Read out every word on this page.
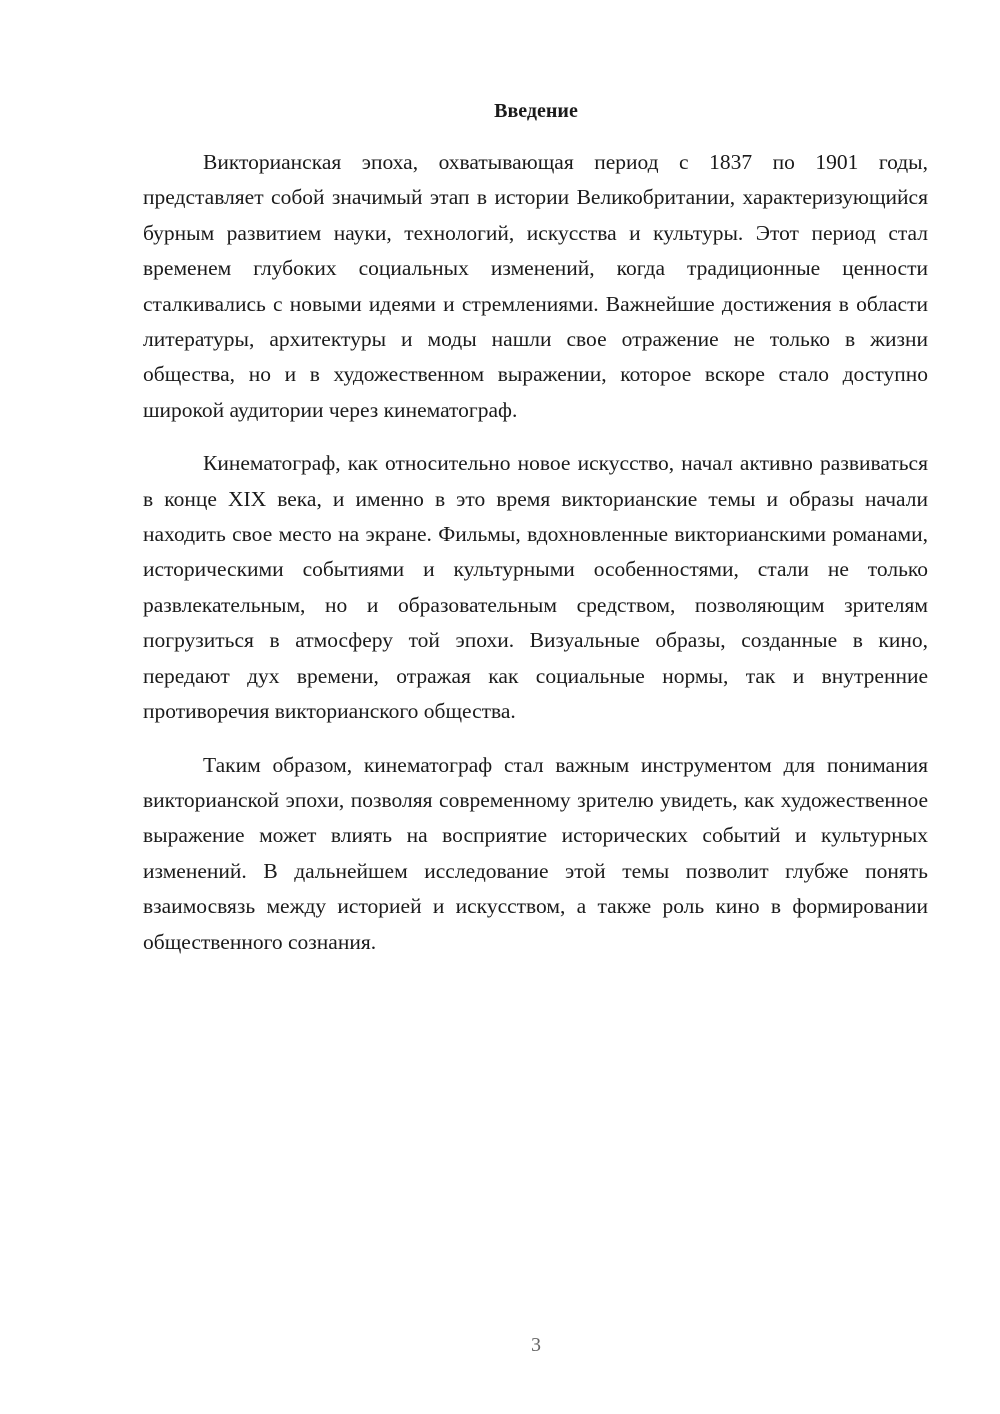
Введение

Викторианская эпоха, охватывающая период с 1837 по 1901 годы, представляет собой значимый этап в истории Великобритании, характеризующийся бурным развитием науки, технологий, искусства и культуры. Этот период стал временем глубоких социальных изменений, когда традиционные ценности сталкивались с новыми идеями и стремлениями. Важнейшие достижения в области литературы, архитектуры и моды нашли свое отражение не только в жизни общества, но и в художественном выражении, которое вскоре стало доступно широкой аудитории через кинематограф.

Кинематограф, как относительно новое искусство, начал активно развиваться в конце XIX века, и именно в это время викторианские темы и образы начали находить свое место на экране. Фильмы, вдохновленные викторианскими романами, историческими событиями и культурными особенностями, стали не только развлекательным, но и образовательным средством, позволяющим зрителям погрузиться в атмосферу той эпохи. Визуальные образы, созданные в кино, передают дух времени, отражая как социальные нормы, так и внутренние противоречия викторианского общества.

Таким образом, кинематограф стал важным инструментом для понимания викторианской эпохи, позволяя современному зрителю увидеть, как художественное выражение может влиять на восприятие исторических событий и культурных изменений. В дальнейшем исследование этой темы позволит глубже понять взаимосвязь между историей и искусством, а также роль кино в формировании общественного сознания.

3
